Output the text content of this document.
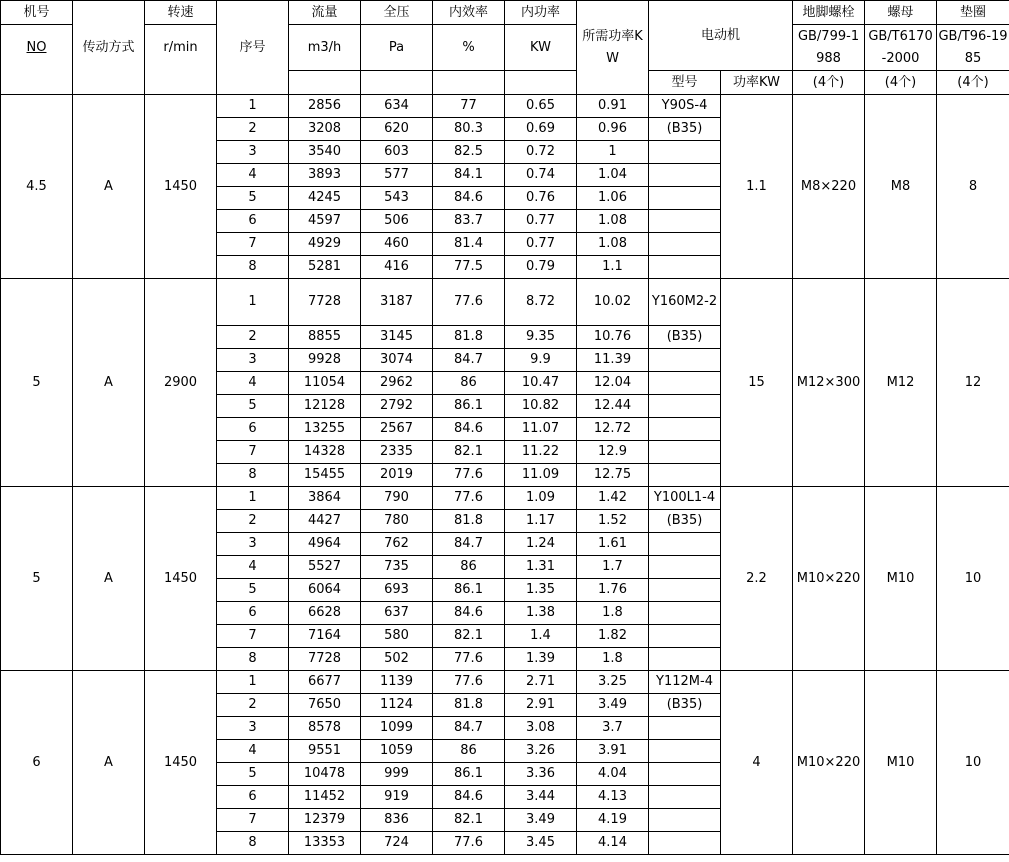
机号	传动方式	转速	序号	流量	全压	内效率	内功率	所需功率KW	电动机		地脚螺栓	螺母	垫圈
NO		r/min		m3/h	Pa	%	KW				GB/799-1988	GB/T6170-2000	GB/T96-1985
									型号	功率KW	(4个)	(4个)	(4个)
4.5	A	1450	1	2856	634	77	0.65	0.91	Y90S-4	1.1	M8×220	M8	8
			2	3208	620	80.3	0.69	0.96	(B35)				
			3	3540	603	82.5	0.72	1					
			4	3893	577	84.1	0.74	1.04					
			5	4245	543	84.6	0.76	1.06					
			6	4597	506	83.7	0.77	1.08					
			7	4929	460	81.4	0.77	1.08					
			8	5281	416	77.5	0.79	1.1					
5	A	2900	1	7728	3187	77.6	8.72	10.02	Y160M2-2	15	M12×300	M12	12
			2	8855	3145	81.8	9.35	10.76	(B35)				
			3	9928	3074	84.7	9.9	11.39					
			4	11054	2962	86	10.47	12.04					
			5	12128	2792	86.1	10.82	12.44					
			6	13255	2567	84.6	11.07	12.72					
			7	14328	2335	82.1	11.22	12.9					
			8	15455	2019	77.6	11.09	12.75					
5	A	1450	1	3864	790	77.6	1.09	1.42	Y100L1-4	2.2	M10×220	M10	10
			2	4427	780	81.8	1.17	1.52	(B35)				
			3	4964	762	84.7	1.24	1.61					
			4	5527	735	86	1.31	1.7					
			5	6064	693	86.1	1.35	1.76					
			6	6628	637	84.6	1.38	1.8					
			7	7164	580	82.1	1.4	1.82					
			8	7728	502	77.6	1.39	1.8					
6	A	1450	1	6677	1139	77.6	2.71	3.25	Y112M-4	4	M10×220	M10	10
			2	7650	1124	81.8	2.91	3.49	(B35)				
			3	8578	1099	84.7	3.08	3.7					
			4	9551	1059	86	3.26	3.91					
			5	10478	999	86.1	3.36	4.04					
			6	11452	919	84.6	3.44	4.13					
			7	12379	836	82.1	3.49	4.19					
			8	13353	724	77.6	3.45	4.14					
